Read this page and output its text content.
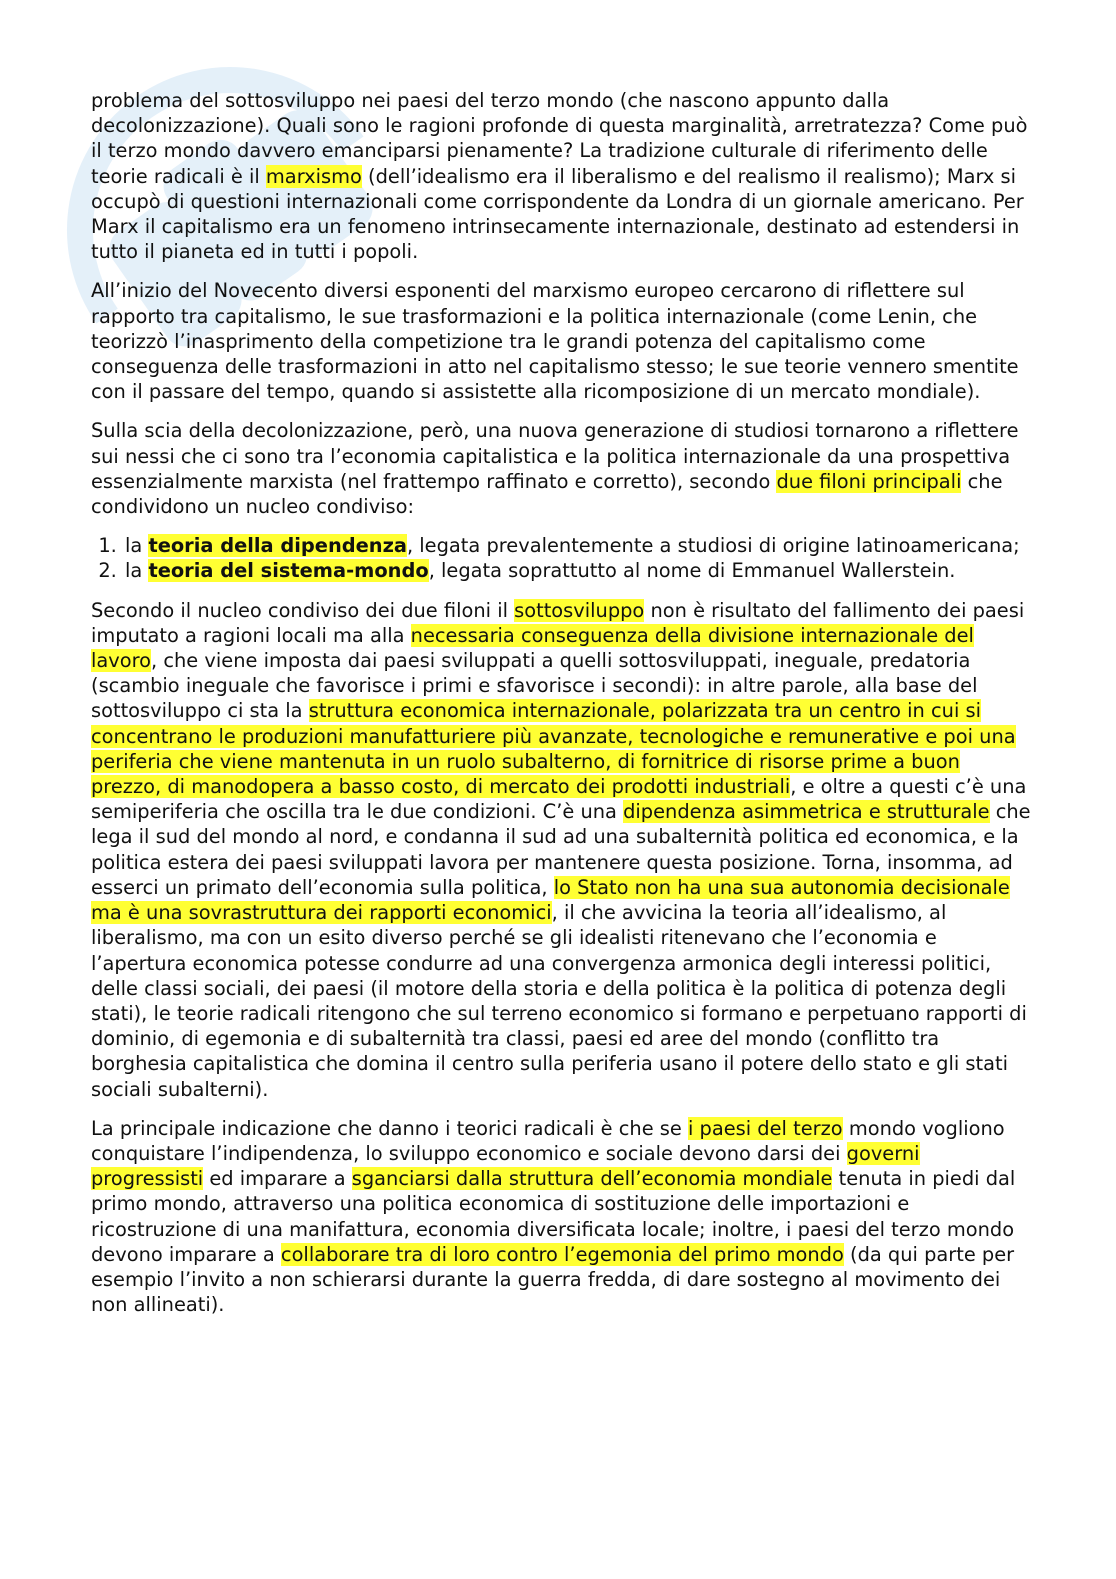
problema del sottosviluppo nei paesi del terzo mondo (che nascono appunto dalla decolonizzazione). Quali sono le ragioni profonde di questa marginalità, arretratezza? Come può il terzo mondo davvero emanciparsi pienamente? La tradizione culturale di riferimento delle teorie radicali è il marxismo (dell’idealismo era il liberalismo e del realismo il realismo); Marx si occupò di questioni internazionali come corrispondente da Londra di un giornale americano. Per Marx il capitalismo era un fenomeno intrinsecamente internazionale, destinato ad estendersi in tutto il pianeta ed in tutti i popoli.

All’inizio del Novecento diversi esponenti del marxismo europeo cercarono di riflettere sul rapporto tra capitalismo, le sue trasformazioni e la politica internazionale (come Lenin, che teorizzò l’inasprimento della competizione tra le grandi potenza del capitalismo come conseguenza delle trasformazioni in atto nel capitalismo stesso; le sue teorie vennero smentite con il passare del tempo, quando si assistette alla ricomposizione di un mercato mondiale).

Sulla scia della decolonizzazione, però, una nuova generazione di studiosi tornarono a riflettere sui nessi che ci sono tra l’economia capitalistica e la politica internazionale da una prospettiva essenzialmente marxista (nel frattempo raffinato e corretto), secondo due filoni principali che condividono un nucleo condiviso:

1. la teoria della dipendenza, legata prevalentemente a studiosi di origine latinoamericana;
2. la teoria del sistema-mondo, legata soprattutto al nome di Emmanuel Wallerstein.

Secondo il nucleo condiviso dei due filoni il sottosviluppo non è risultato del fallimento dei paesi imputato a ragioni locali ma alla necessaria conseguenza della divisione internazionale del lavoro, che viene imposta dai paesi sviluppati a quelli sottosviluppati, ineguale, predatoria (scambio ineguale che favorisce i primi e sfavorisce i secondi): in altre parole, alla base del sottosviluppo ci sta la struttura economica internazionale, polarizzata tra un centro in cui si concentrano le produzioni manufatturiere più avanzate, tecnologiche e remunerative e poi una periferia che viene mantenuta in un ruolo subalterno, di fornitrice di risorse prime a buon prezzo, di manodopera a basso costo, di mercato dei prodotti industriali, e oltre a questi c’è una semiperiferia che oscilla tra le due condizioni. C’è una dipendenza asimmetrica e strutturale che lega il sud del mondo al nord, e condanna il sud ad una subalternità politica ed economica, e la politica estera dei paesi sviluppati lavora per mantenere questa posizione. Torna, insomma, ad esserci un primato dell’economia sulla politica, lo Stato non ha una sua autonomia decisionale ma è una sovrastruttura dei rapporti economici, il che avvicina la teoria all’idealismo, al liberalismo, ma con un esito diverso perché se gli idealisti ritenevano che l’economia e l’apertura economica potesse condurre ad una convergenza armonica degli interessi politici, delle classi sociali, dei paesi (il motore della storia e della politica è la politica di potenza degli stati), le teorie radicali ritengono che sul terreno economico si formano e perpetuano rapporti di dominio, di egemonia e di subalternità tra classi, paesi ed aree del mondo (conflitto tra borghesia capitalistica che domina il centro sulla periferia usano il potere dello stato e gli stati sociali subalterni).

La principale indicazione che danno i teorici radicali è che se i paesi del terzo mondo vogliono conquistare l’indipendenza, lo sviluppo economico e sociale devono darsi dei governi progressisti ed imparare a sganciarsi dalla struttura dell’economia mondiale tenuta in piedi dal primo mondo, attraverso una politica economica di sostituzione delle importazioni e ricostruzione di una manifattura, economia diversificata locale; inoltre, i paesi del terzo mondo devono imparare a collaborare tra di loro contro l’egemonia del primo mondo (da qui parte per esempio l’invito a non schierarsi durante la guerra fredda, di dare sostegno al movimento dei non allineati).
